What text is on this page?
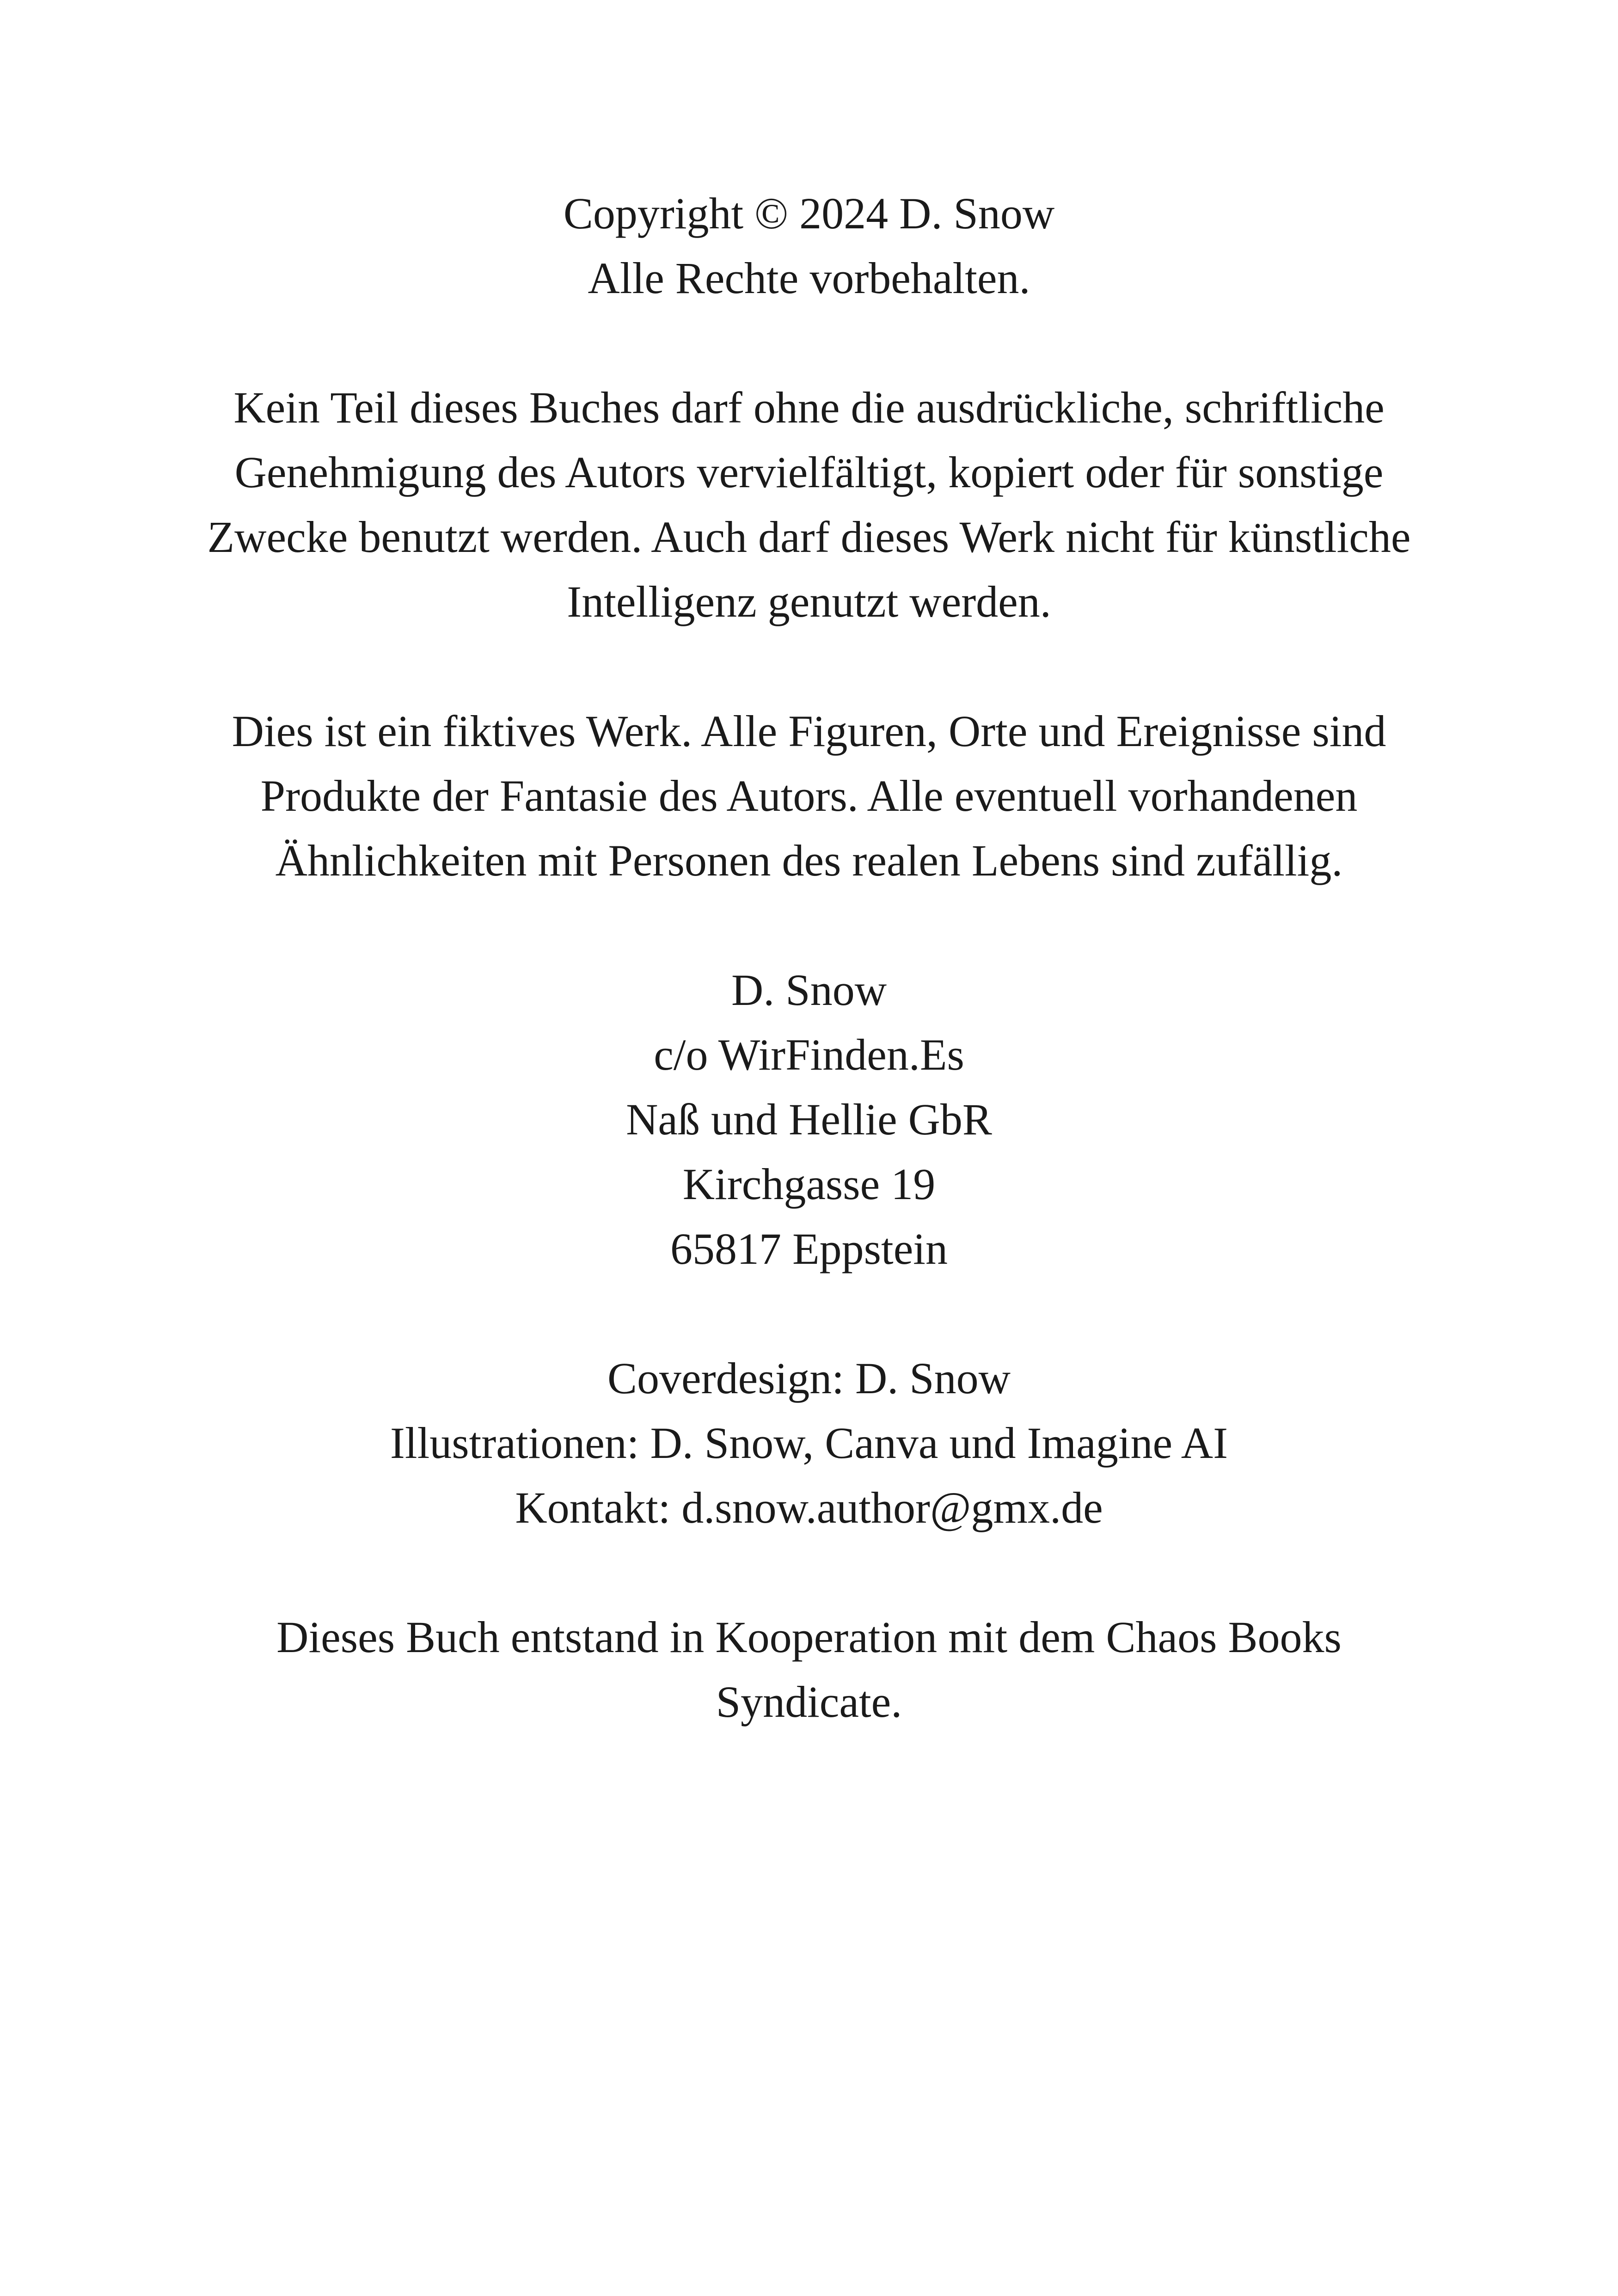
Copyright © 2024 D. Snow
Alle Rechte vorbehalten.
Kein Teil dieses Buches darf ohne die ausdrückliche, schriftliche
Genehmigung des Autors vervielfältigt, kopiert oder für sonstige
Zwecke benutzt werden. Auch darf dieses Werk nicht für künstliche
Intelligenz genutzt werden.
Dies ist ein fiktives Werk. Alle Figuren, Orte und Ereignisse sind
Produkte der Fantasie des Autors. Alle eventuell vorhandenen
Ähnlichkeiten mit Personen des realen Lebens sind zufällig.
D. Snow
c/o WirFinden.Es
Naß und Hellie GbR
Kirchgasse 19
65817 Eppstein
Coverdesign: D. Snow
Illustrationen: D. Snow, Canva und Imagine AI
Kontakt: d.snow.author@gmx.de
Dieses Buch entstand in Kooperation mit dem Chaos Books
Syndicate.
